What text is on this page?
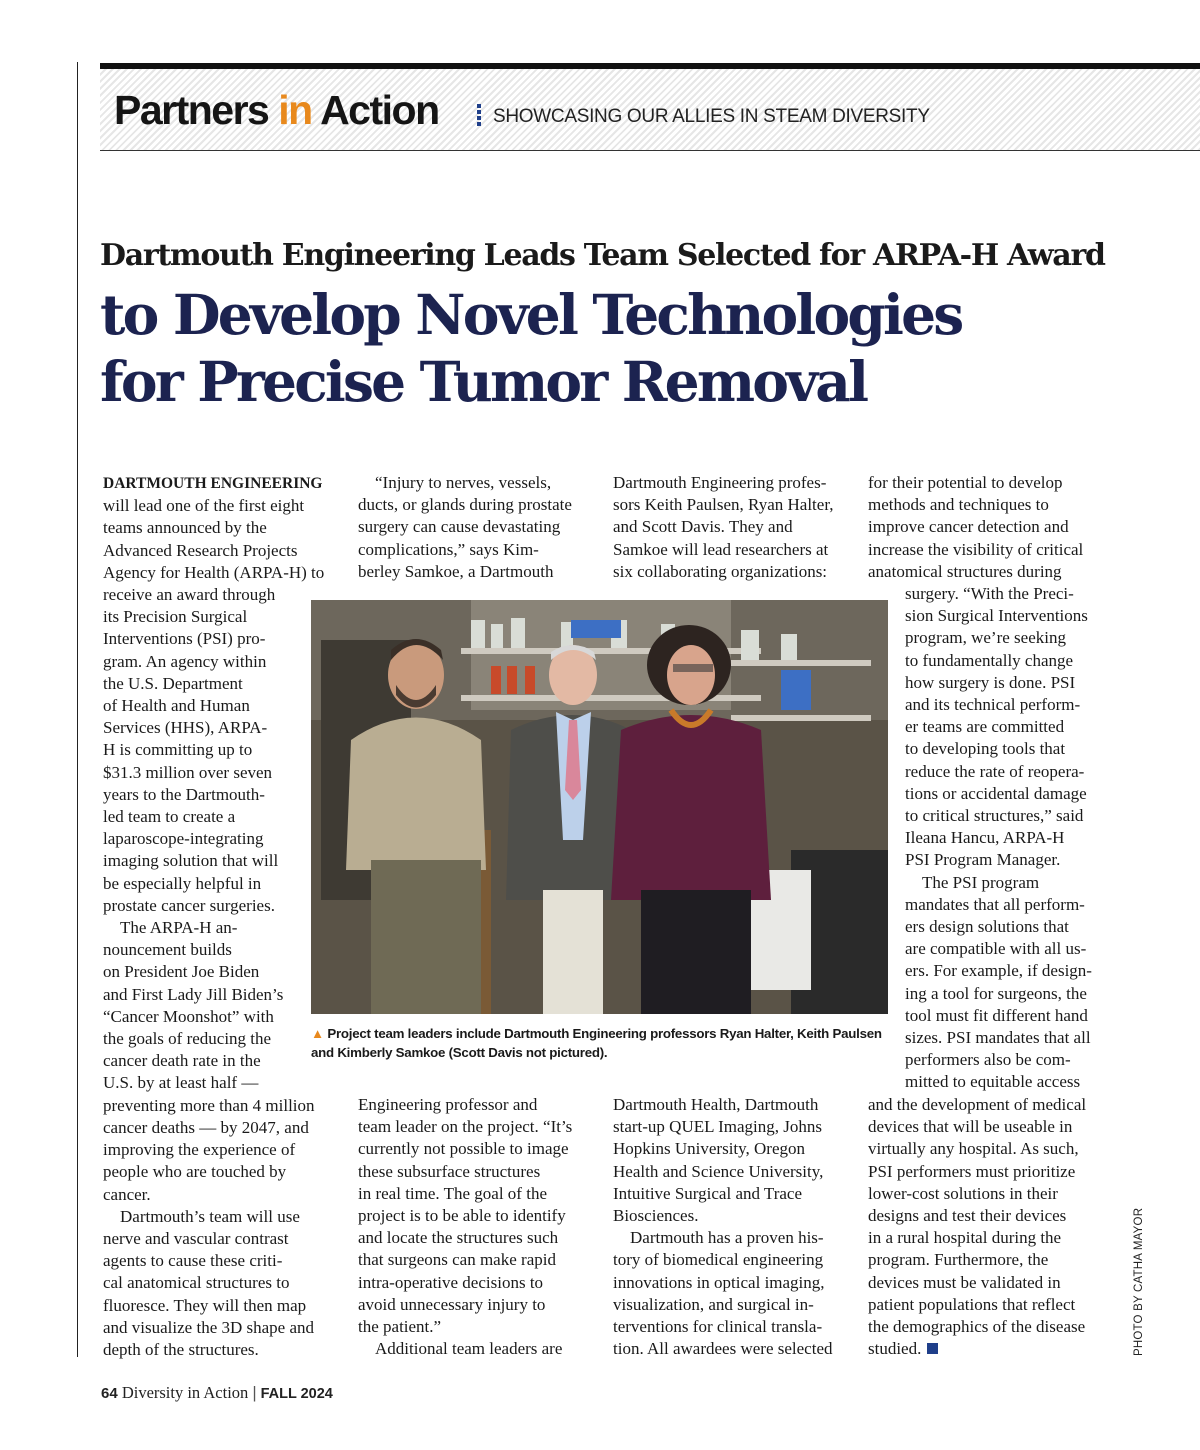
Partners in Action	SHOWCASING OUR ALLIES IN STEAM DIVERSITY
Dartmouth Engineering Leads Team Selected for ARPA-H Award
to Develop Novel Technologies
for Precise Tumor Removal

DARTMOUTH ENGINEERING

will lead one of the first eight

teams announced by the

Advanced Research Projects

Agency for Health (ARPA-H) to

receive an award through

its Precision Surgical

Interventions (PSI) pro-

gram. An agency within

the U.S. Department

of Health and Human

Services (HHS), ARPA-

H is committing up to

$31.3 million over seven

years to the Dartmouth-

led team to create a

laparoscope-integrating

imaging solution that will

be especially helpful in

prostate cancer surgeries.

The ARPA-H an-

nouncement builds

on President Joe Biden

and First Lady Jill Biden’s

“Cancer Moonshot” with

the goals of reducing the

cancer death rate in the

U.S. by at least half —

preventing more than 4 million

cancer deaths — by 2047, and

improving the experience of

people who are touched by

cancer.

Dartmouth’s team will use

nerve and vascular contrast

agents to cause these criti-

cal anatomical structures to

fluoresce. They will then map

and visualize the 3D shape and

depth of the structures.

“Injury to nerves, vessels,

ducts, or glands during prostate

surgery can cause devastating

complications,” says Kim-

berley Samkoe, a Dartmouth

Engineering professor and

team leader on the project. “It’s

currently not possible to image

these subsurface structures

in real time. The goal of the

project is to be able to identify

and locate the structures such

that surgeons can make rapid

intra-operative decisions to

avoid unnecessary injury to

the patient.”

Additional team leaders are

Dartmouth Engineering profes-

sors Keith Paulsen, Ryan Halter,

and Scott Davis. They and

Samkoe will lead researchers at

six collaborating organizations:

Dartmouth Health, Dartmouth

start-up QUEL Imaging, Johns

Hopkins University, Oregon

Health and Science University,

Intuitive Surgical and Trace

Biosciences.

Dartmouth has a proven his-

tory of biomedical engineering

innovations in optical imaging,

visualization, and surgical in-

terventions for clinical transla-

tion. All awardees were selected

for their potential to develop

methods and techniques to

improve cancer detection and

increase the visibility of critical

anatomical structures during

surgery. “With the Preci-

sion Surgical Interventions

program, we’re seeking

to fundamentally change

how surgery is done. PSI

and its technical perform-

er teams are committed

to developing tools that

reduce the rate of reopera-

tions or accidental damage

to critical structures,” said

Ileana Hancu, ARPA-H

PSI Program Manager.

The PSI program

mandates that all perform-

ers design solutions that

are compatible with all us-

ers. For example, if design-

ing a tool for surgeons, the

tool must fit different hand

sizes. PSI mandates that all

performers also be com-

mitted to equitable access

and the development of medical

devices that will be useable in

virtually any hospital. As such,

PSI performers must prioritize

lower-cost solutions in their

designs and test their devices

in a rural hospital during the

program. Furthermore, the

devices must be validated in

patient populations that reflect

the demographics of the disease

studied.

▲ Project team leaders include Dartmouth Engineering professors Ryan Halter, Keith Paulsen and Kimberly Samkoe (Scott Davis not pictured).
PHOTO BY CATHA MAYOR
64 Diversity in Action | FALL 2024
